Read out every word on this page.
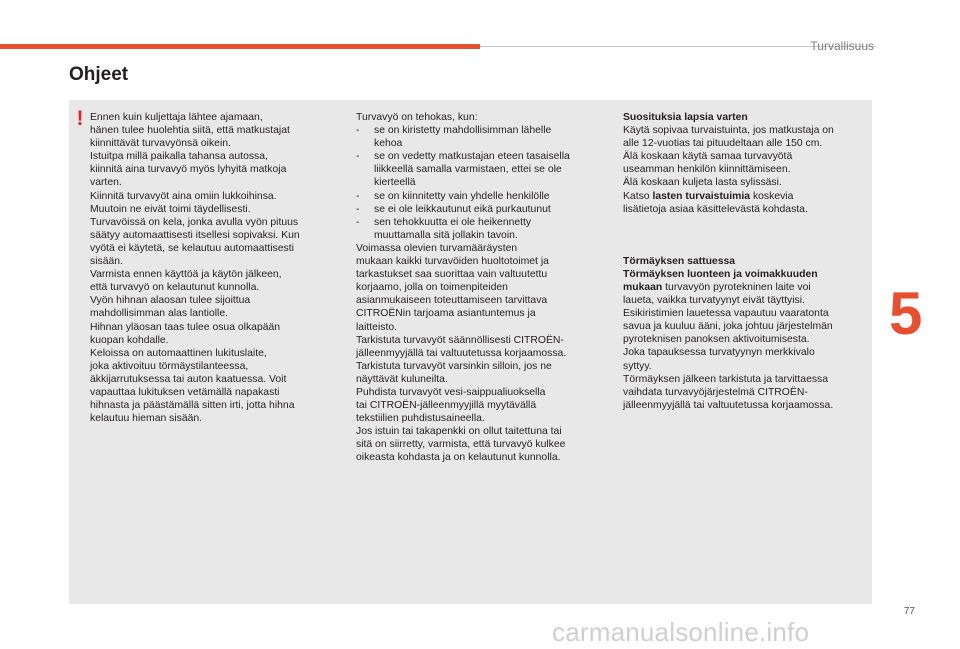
Turvallisuus
Ohjeet
! Ennen kuin kuljettaja lähtee ajamaan,

hänen tulee huolehtia siitä, että matkustajat

kiinnittävät turvavyönsä oikein.

Istuitpa millä paikalla tahansa autossa,

kiinnitä aina turvavyö myös lyhyitä matkoja

varten.

Kiinnitä turvavyöt aina omiin lukkoihinsa.

Muutoin ne eivät toimi täydellisesti.

Turvavöissä on kela, jonka avulla vyön pituus

säätyy automaattisesti itsellesi sopivaksi. Kun

vyötä ei käytetä, se kelautuu automaattisesti

sisään.

Varmista ennen käyttöä ja käytön jälkeen,

että turvavyö on kelautunut kunnolla.

Vyön hihnan alaosan tulee sijoittua

mahdollisimman alas lantiolle.

Hihnan yläosan taas tulee osua olkapään

kuopan kohdalle.

Keloissa on automaattinen lukituslaite,

joka aktivoituu törmäystilanteessa,

äkkijarrutuksessa tai auton kaatuessa. Voit

vapauttaa lukituksen vetämällä napakasti

hihnasta ja päästämällä sitten irti, jotta hihna

kelautuu hieman sisään.

Turvavyö on tehokas, kun:

-	se on kiristetty mahdollisimman lähelle

kehoa

-	se on vedetty matkustajan eteen tasaisella

liikkeellä samalla varmistaen, ettei se ole

kierteellä

-	se on kiinnitetty vain yhdelle henkilölle

-	se ei ole leikkautunut eikä purkautunut

-	sen tehokkuutta ei ole heikennetty

muuttamalla sitä jollakin tavoin.

Voimassa olevien turvamääräysten

mukaan kaikki turvavöiden huoltotoimet ja

tarkastukset saa suorittaa vain valtuutettu

korjaamo, jolla on toimenpiteiden

asianmukaiseen toteuttamiseen tarvittava

CITROËNin tarjoama asiantuntemus ja

laitteisto.

Tarkistuta turvavyöt säännöllisesti CITROËN-

jälleenmyyjällä tai valtuutetussa korjaamossa.

Tarkistuta turvavyöt varsinkin silloin, jos ne

näyttävät kuluneilta.

Puhdista turvavyöt vesi-saippualiuoksella

tai CITROËN-jälleenmyyjillä myytävällä

tekstiilien puhdistusaineella.

Jos istuin tai takapenkki on ollut taitettuna tai

sitä on siirretty, varmista, että turvavyö kulkee

oikeasta kohdasta ja on kelautunut kunnolla.

Suosituksia lapsia varten

Käytä sopivaa turvaistuinta, jos matkustaja on

alle 12-vuotias tai pituudeltaan alle 150 cm.

Älä koskaan käytä samaa turvavyötä

useamman henkilön kiinnittämiseen.

Älä koskaan kuljeta lasta sylissäsi.

Katso lasten turvaistuimia koskevia

lisätietoja asiaa käsittelevästä kohdasta.

Törmäyksen sattuessa

Törmäyksen luonteen ja voimakkuuden

mukaan turvavyön pyrotekninen laite voi

laueta, vaikka turvatyynyt eivät täyttyisi.

Esikiristimien lauetessa vapautuu vaaratonta

savua ja kuuluu ääni, joka johtuu järjestelmän

pyroteknisen panoksen aktivoitumisesta.

Joka tapauksessa turvatyynyn merkkivalo

syttyy.

Törmäyksen jälkeen tarkistuta ja tarvittaessa

vaihdata turvavyöjärjestelmä CITROËN-

jälleenmyyjällä tai valtuutetussa korjaamossa.

5
77
carmanualsonline.info
